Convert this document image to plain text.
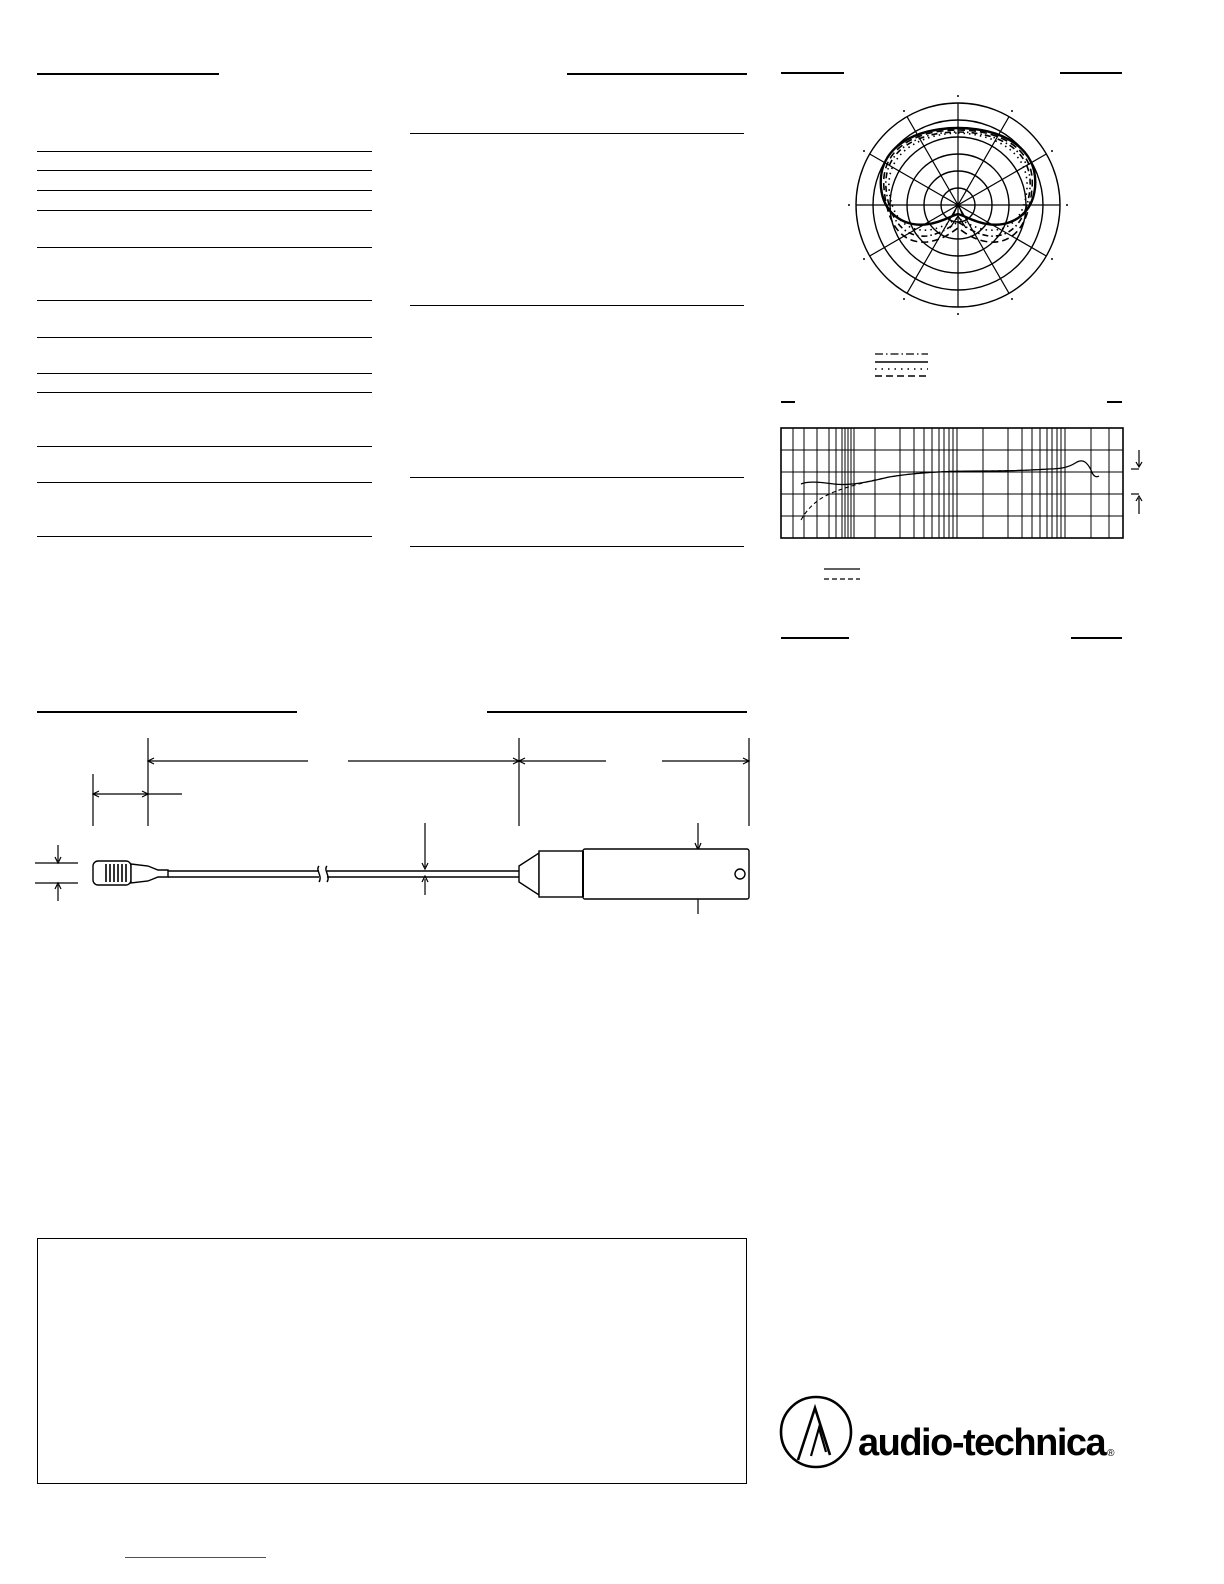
audio-technica ®
